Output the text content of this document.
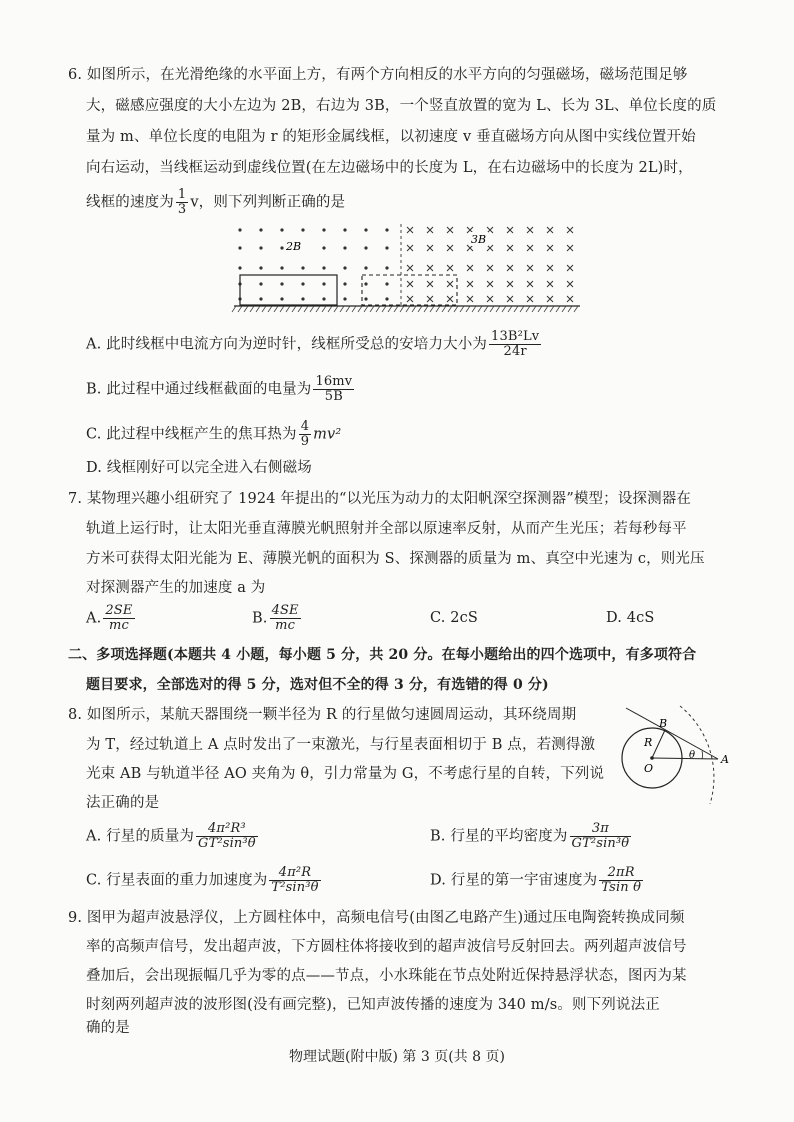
6. 如图所示，在光滑绝缘的水平面上方，有两个方向相反的水平方向的匀强磁场，磁场范围足够
大，磁感应强度的大小左边为 2B，右边为 3B，一个竖直放置的宽为 L、长为 3L、单位长度的质
量为 m、单位长度的电阻为 r 的矩形金属线框，以初速度 v 垂直磁场方向从图中实线位置开始
向右运动，当线框运动到虚线位置(在左边磁场中的长度为 L，在右边磁场中的长度为 2L)时，
线框的速度为 $\frac{1}{3}$ v，则下列判断正确的是
2B
3B
A. 此时线框中电流方向为逆时针，线框所受总的安培力大小为 $\frac{\text{13B²Lv}}{24r}$
B. 此过程中通过线框截面的电量为 $\frac{16mv}{5B}$
C. 此过程中线框产生的焦耳热为 $\frac{4}{9} mv^2$
D. 线框刚好可以完全进入右侧磁场
7. 某物理兴趣小组研究了 1924 年提出的“以光压为动力的太阳帆深空探测器”模型；设探测器在
轨道上运行时，让太阳光垂直薄膜光帆照射并全部以原速率反射，从而产生光压；若每秒每平
方米可获得太阳光能为 E、薄膜光帆的面积为 S、探测器的质量为 m、真空中光速为 c，则光压
对探测器产生的加速度 a 为
A. $\frac{2SE}{mc}$	B. $\frac{4SE}{mc}$	C. 2cS	D. 4cS
二、多项选择题(本题共 4 小题，每小题 5 分，共 20 分。在每小题给出的四个选项中，有多项符合
题目要求，全部选对的得 5 分，选对但不全的得 3 分，有选错的得 0 分)
8. 如图所示，某航天器围绕一颗半径为 R 的行星做匀速圆周运动，其环绕周期
为 T，经过轨道上 A 点时发出了一束激光，与行星表面相切于 B 点，若测得激
光束 AB 与轨道半径 AO 夹角为 θ，引力常量为 G，不考虑行星的自转，下列说
法正确的是
B
R
O
θ A
A. 行星的质量为 $\frac{\text{4π²R³}}{\text{GT²sin³θ}}$	B. 行星的平均密度为 $\frac{3\pi}{\text{GT²sin³θ}}$
C. 行星表面的重力加速度为 $\frac{\text{4π²R}}{\text{T²sin³θ}}$	D. 行星的第一宇宙速度为 $\frac{2\pi R}{\text{Tsin θ}}$
9. 图甲为超声波悬浮仪，上方圆柱体中，高频电信号(由图乙电路产生)通过压电陶瓷转换成同频
率的高频声信号，发出超声波，下方圆柱体将接收到的超声波信号反射回去。两列超声波信号
叠加后，会出现振幅几乎为零的点——节点，小水珠能在节点处附近保持悬浮状态，图丙为某
时刻两列超声波的波形图(没有画完整)，已知声波传播的速度为 340 m/s。则下列说法正
确的是
物理试题(附中版) 第 3 页(共 8 页)
